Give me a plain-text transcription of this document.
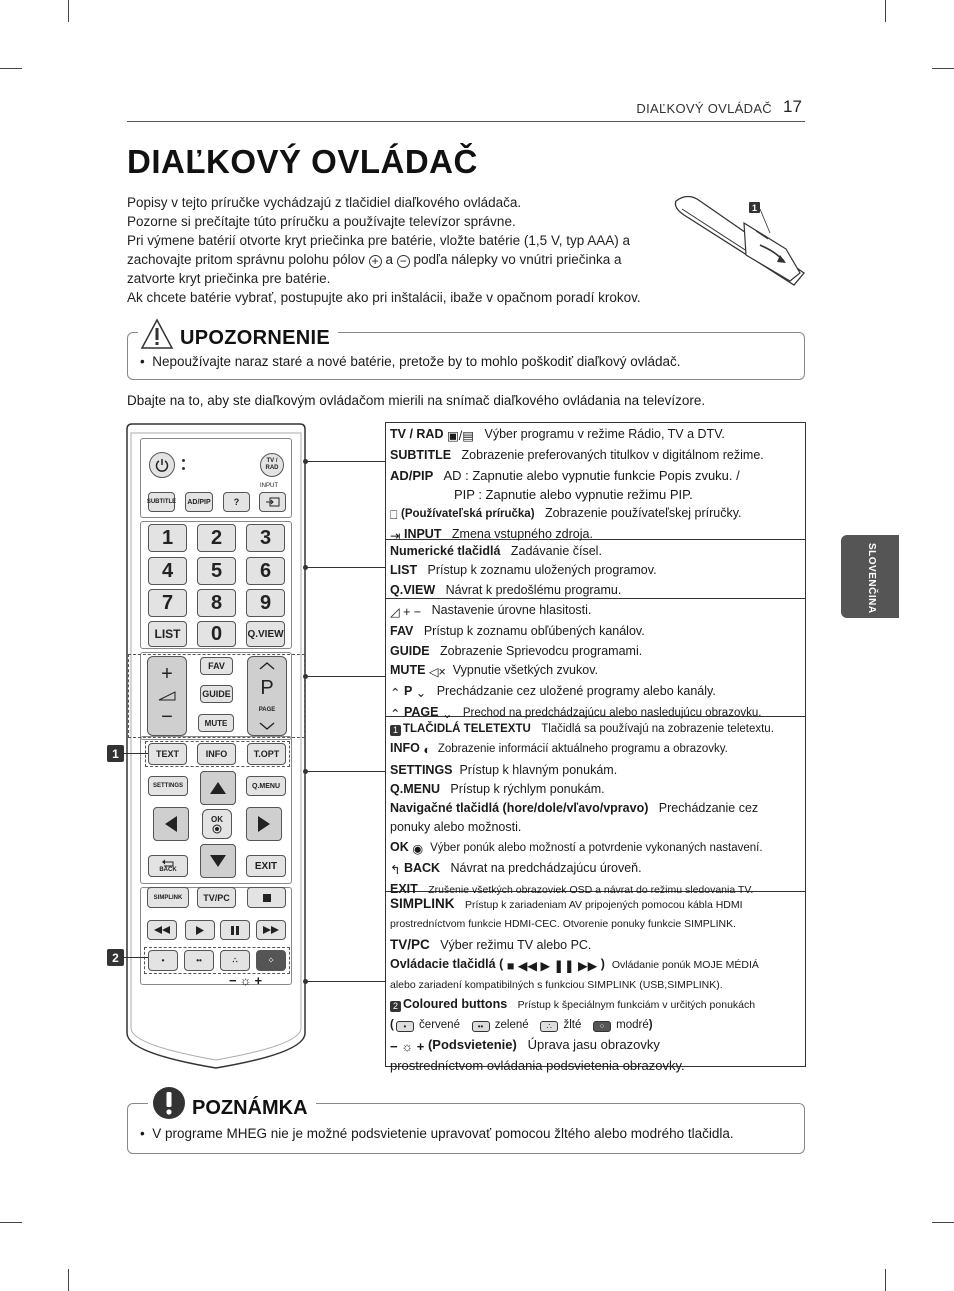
DIAĽKOVÝ OVLÁDAČ 17
DIAĽKOVÝ OVLÁDAČ

Popisy v tejto príručke vychádzajú z tlačidiel diaľkového ovládača.

Pozorne si prečítajte túto príručku a používajte televízor správne.

Pri výmene batérií otvorte kryt priečinka pre batérie, vložte batérie (1,5 V, typ AAA) a

zachovajte pritom správnu polohu pólov + a − podľa nálepky vo vnútri priečinka a

zatvorte kryt priečinka pre batérie.

Ak chcete batérie vybrať, postupujte ako pri inštalácii, ibaže v opačnom poradí krokov.

1
UPOZORNENIE
•  Nepoužívajte naraz staré a nové batérie, pretože by to mohlo poškodiť diaľkový ovládač.
Dbajte na to, aby ste diaľkovým ovládačom mierili na snímač diaľkového ovládania na televízore.
TV / RAD
INPUT
SUBTITLE	AD/PIP	?
1	2	3
4	5	6
7	8	9
LIST	0	Q.VIEW
+
−
FAV
GUIDE
MUTE
P
PAGE
TEXT	INFO	T.OPT
SETTINGS	Q.MENU
OK
BACK	EXIT
SIMPLINK	TV/PC
•	••	∴	⁘
−☼+
1
2
TV / RAD ▣/▤ Výber programu v režime Rádio, TV a DTV.
SUBTITLE Zobrazenie preferovaných titulkov v digitálnom režime.
AD/PIP AD : Zapnutie alebo vypnutie funkcie Popis zvuku. /
PIP : Zapnutie alebo vypnutie režimu PIP.
⎕ (Používateľská príručka) Zobrazenie používateľskej príručky.
⇥ INPUT Zmena vstupného zdroja.
Numerické tlačidlá Zadávanie čísel.
LIST Prístup k zoznamu uložených programov.
Q.VIEW Návrat k predošlému programu.
◿ + − Nastavenie úrovne hlasitosti.
FAV Prístup k zoznamu obľúbených kanálov.
GUIDE Zobrazenie Sprievodcu programami.
MUTE ◁× Vypnutie všetkých zvukov.
⌃ P ⌄ Prechádzanie cez uložené programy alebo kanály.
⌃ PAGE ⌄ Prechod na predchádzajúcu alebo nasledujúcu obrazovku.
1 TLAČIDLÁ TELETEXTU Tlačidlá sa používajú na zobrazenie teletextu.
INFO ◐ Zobrazenie informácií aktuálneho programu a obrazovky.
SETTINGS Prístup k hlavným ponukám.
Q.MENU Prístup k rýchlym ponukám.
Navigačné tlačidlá (hore/dole/vľavo/vpravo) Prechádzanie cez
ponuky alebo možnosti.
OK ◉ Výber ponúk alebo možností a potvrdenie vykonaných nastavení.
↰ BACK Návrat na predchádzajúcu úroveň.
EXIT Zrušenie všetkých obrazoviek OSD a návrat do režimu sledovania TV.
SIMPLINK Prístup k zariadeniam AV pripojených pomocou kábla HDMI
prostredníctvom funkcie HDMI-CEC. Otvorenie ponuky funkcie SIMPLINK.
TV/PC Výber režimu TV alebo PC.
Ovládacie tlačidlá ( ■ ◀◀ ▶ ❚❚ ▶▶ ) Ovládanie ponúk MOJE MÉDIÁ
alebo zariadení kompatibilných s funkciou SIMPLINK (USB,SIMPLINK).
2 Coloured buttons Prístup k špeciálnym funkciám v určitých ponukách
( • červené •• zelené ∴ žlté ⁘ modré)
− ☼ + (Podsvietenie) Úprava jasu obrazovky
prostredníctvom ovládania podsvietenia obrazovky.
SLOVENČINA
POZNÁMKA
•  V programe MHEG nie je možné podsvietenie upravovať pomocou žltého alebo modrého tlačidla.
